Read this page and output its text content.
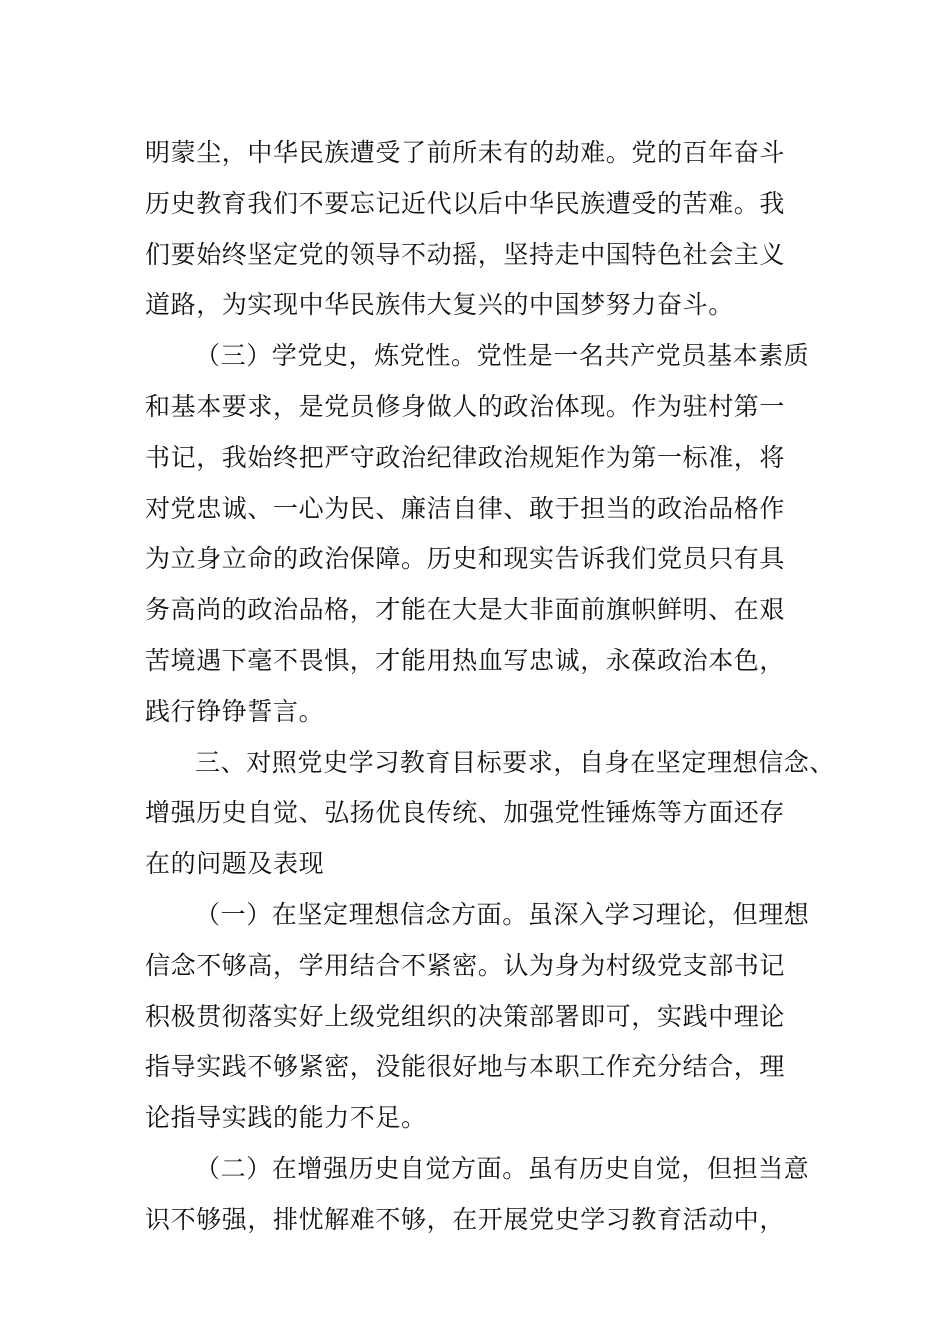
明蒙尘，中华民族遭受了前所未有的劫难。党的百年奋斗
历史教育我们不要忘记近代以后中华民族遭受的苦难。我
们要始终坚定党的领导不动摇，坚持走中国特色社会主义
道路，为实现中华民族伟大复兴的中国梦努力奋斗。
（三）学党史，炼党性。党性是一名共产党员基本素质
和基本要求，是党员修身做人的政治体现。作为驻村第一
书记，我始终把严守政治纪律政治规矩作为第一标准，将
对党忠诚、一心为民、廉洁自律、敢于担当的政治品格作
为立身立命的政治保障。历史和现实告诉我们党员只有具
务高尚的政治品格，才能在大是大非面前旗帜鲜明、在艰
苦境遇下毫不畏惧，才能用热血写忠诚，永葆政治本色，
践行铮铮誓言。
三、对照党史学习教育目标要求，自身在坚定理想信念、
增强历史自觉、弘扬优良传统、加强党性锤炼等方面还存
在的问题及表现
（一）在坚定理想信念方面。虽深入学习理论，但理想
信念不够高，学用结合不紧密。认为身为村级党支部书记
积极贯彻落实好上级党组织的决策部署即可，实践中理论
指导实践不够紧密，没能很好地与本职工作充分结合，理
论指导实践的能力不足。
（二）在增强历史自觉方面。虽有历史自觉，但担当意
识不够强，排忧解难不够，在开展党史学习教育活动中，
